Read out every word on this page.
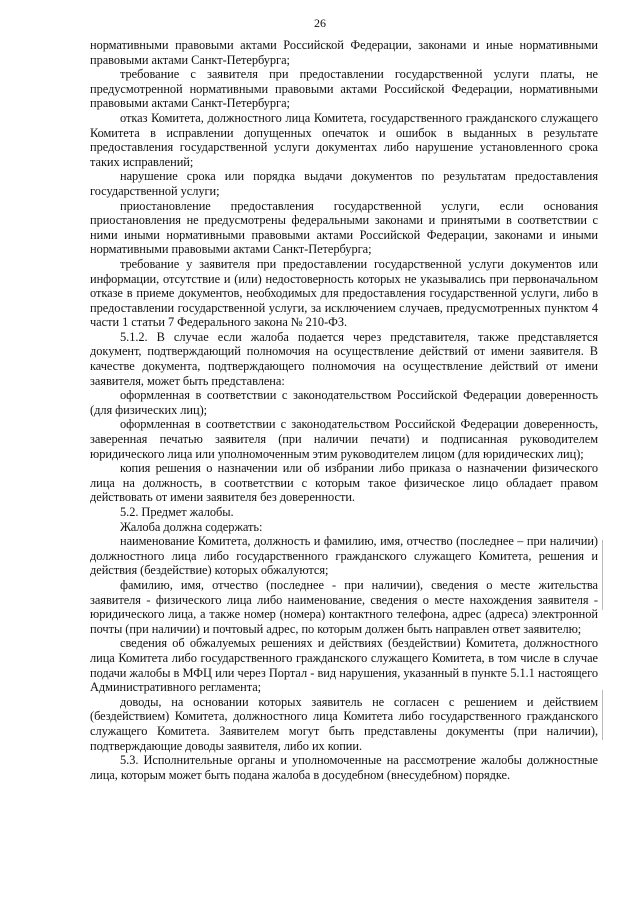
26

нормативными правовыми актами Российской Федерации, законами и иные нормативными правовыми актами Санкт-Петербурга;

требование с заявителя при предоставлении государственной услуги платы, не предусмотренной нормативными правовыми актами Российской Федерации, нормативными правовыми актами Санкт-Петербурга;

отказ Комитета, должностного лица Комитета, государственного гражданского служащего Комитета в исправлении допущенных опечаток и ошибок в выданных в результате предоставления государственной услуги документах либо нарушение установленного срока таких исправлений;

нарушение срока или порядка выдачи документов по результатам предоставления государственной услуги;

приостановление предоставления государственной услуги, если основания приостановления не предусмотрены федеральными законами и принятыми в соответствии с ними иными нормативными правовыми актами Российской Федерации, законами и иными нормативными правовыми актами Санкт-Петербурга;

требование у заявителя при предоставлении государственной услуги документов или информации, отсутствие и (или) недостоверность которых не указывались при первоначальном отказе в приеме документов, необходимых для предоставления государственной услуги, либо в предоставлении государственной услуги, за исключением случаев, предусмотренных пунктом 4 части 1 статьи 7 Федерального закона № 210-ФЗ.

5.1.2. В случае если жалоба подается через представителя, также представляется документ, подтверждающий полномочия на осуществление действий от имени заявителя. В качестве документа, подтверждающего полномочия на осуществление действий от имени заявителя, может быть представлена:

оформленная в соответствии с законодательством Российской Федерации доверенность (для физических лиц);

оформленная в соответствии с законодательством Российской Федерации доверенность, заверенная печатью заявителя (при наличии печати) и подписанная руководителем юридического лица или уполномоченным этим руководителем лицом (для юридических лиц);

копия решения о назначении или об избрании либо приказа о назначении физического лица на должность, в соответствии с которым такое физическое лицо обладает правом действовать от имени заявителя без доверенности.

5.2. Предмет жалобы.

Жалоба должна содержать:

наименование Комитета, должность и фамилию, имя, отчество (последнее – при наличии) должностного лица либо государственного гражданского служащего Комитета, решения и действия (бездействие) которых обжалуются;

фамилию, имя, отчество (последнее - при наличии), сведения о месте жительства заявителя - физического лица либо наименование, сведения о месте нахождения заявителя - юридического лица, а также номер (номера) контактного телефона, адрес (адреса) электронной почты (при наличии) и почтовый адрес, по которым должен быть направлен ответ заявителю;

сведения об обжалуемых решениях и действиях (бездействии) Комитета, должностного лица Комитета либо государственного гражданского служащего Комитета, в том числе в случае подачи жалобы в МФЦ или через Портал - вид нарушения, указанный в пункте 5.1.1 настоящего Административного регламента;

доводы, на основании которых заявитель не согласен с решением и действием (бездействием) Комитета, должностного лица Комитета либо государственного гражданского служащего Комитета. Заявителем могут быть представлены документы (при наличии), подтверждающие доводы заявителя, либо их копии.

5.3. Исполнительные органы и уполномоченные на рассмотрение жалобы должностные лица, которым может быть подана жалоба в досудебном (внесудебном) порядке.
